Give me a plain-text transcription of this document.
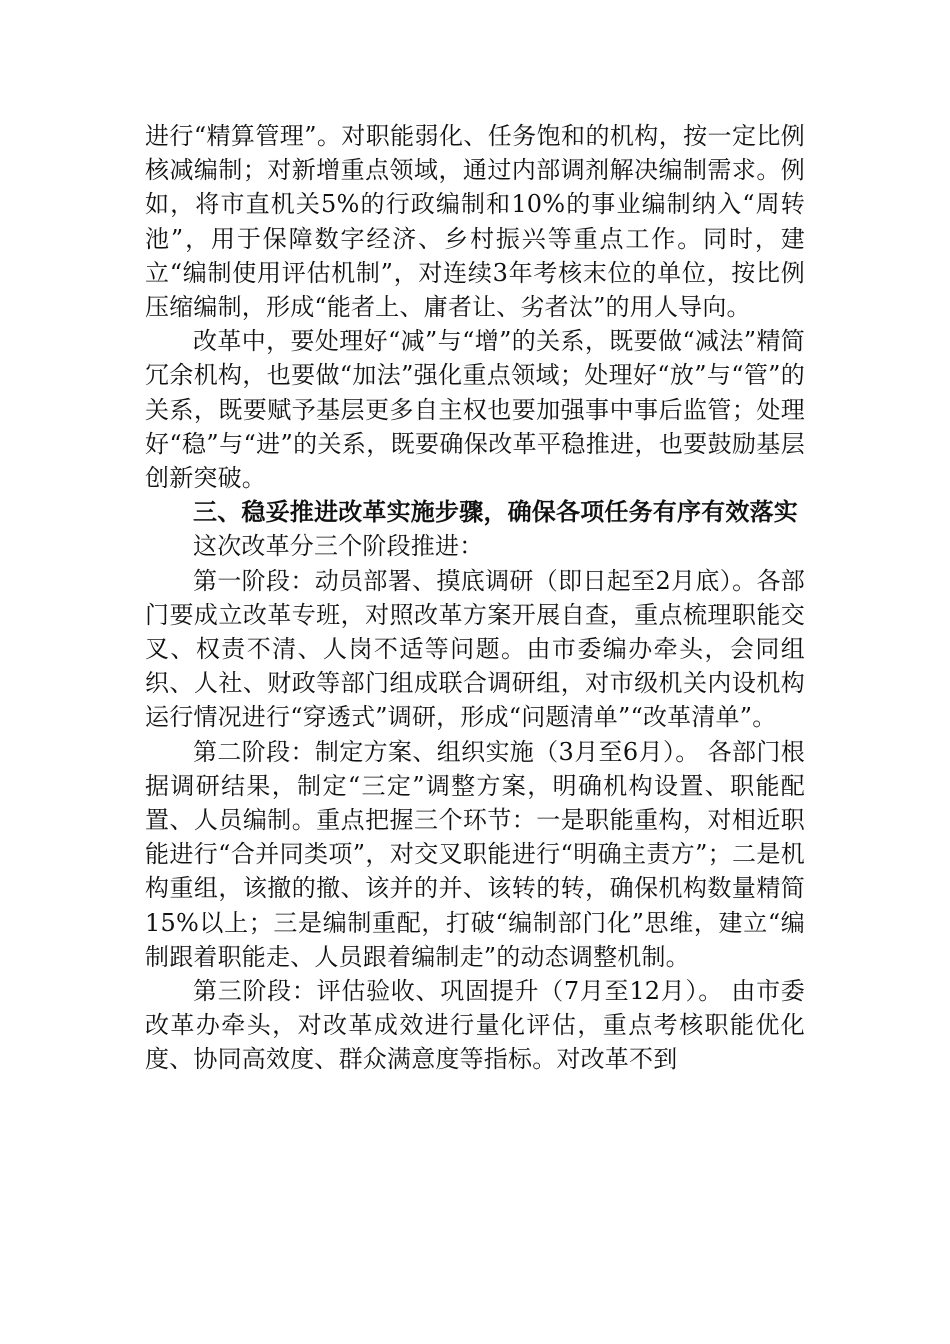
进行“精算管理”。对职能弱化、任务饱和的机构，按一定比例核减编制；对新增重点领域，通过内部调剂解决编制需求。例如，将市直机关5%的行政编制和10%的事业编制纳入“周转池”，用于保障数字经济、乡村振兴等重点工作。同时，建立“编制使用评估机制”，对连续3年考核末位的单位，按比例压缩编制，形成“能者上、庸者让、劣者汰”的用人导向。

改革中，要处理好“减”与“增”的关系，既要做“减法”精简冗余机构，也要做“加法”强化重点领域；处理好“放”与“管”的关系，既要赋予基层更多自主权也要加强事中事后监管；处理好“稳”与“进”的关系，既要确保改革平稳推进，也要鼓励基层创新突破。

三、稳妥推进改革实施步骤，确保各项任务有序有效落实

这次改革分三个阶段推进：

第一阶段：动员部署、摸底调研（即日起至2月底）。各部门要成立改革专班，对照改革方案开展自查，重点梳理职能交叉、权责不清、人岗不适等问题。由市委编办牵头，会同组织、人社、财政等部门组成联合调研组，对市级机关内设机构运行情况进行“穿透式”调研，形成“问题清单”“改革清单”。

第二阶段：制定方案、组织实施（3月至6月）。 各部门根据调研结果，制定“三定”调整方案，明确机构设置、职能配置、人员编制。重点把握三个环节：一是职能重构，对相近职能进行“合并同类项”，对交叉职能进行“明确主责方”；二是机构重组，该撤的撤、该并的并、该转的转，确保机构数量精简15%以上；三是编制重配，打破“编制部门化”思维，建立“编制跟着职能走、人员跟着编制走”的动态调整机制。

第三阶段：评估验收、巩固提升（7月至12月）。 由市委改革办牵头，对改革成效进行量化评估，重点考核职能优化度、协同高效度、群众满意度等指标。对改革不到
